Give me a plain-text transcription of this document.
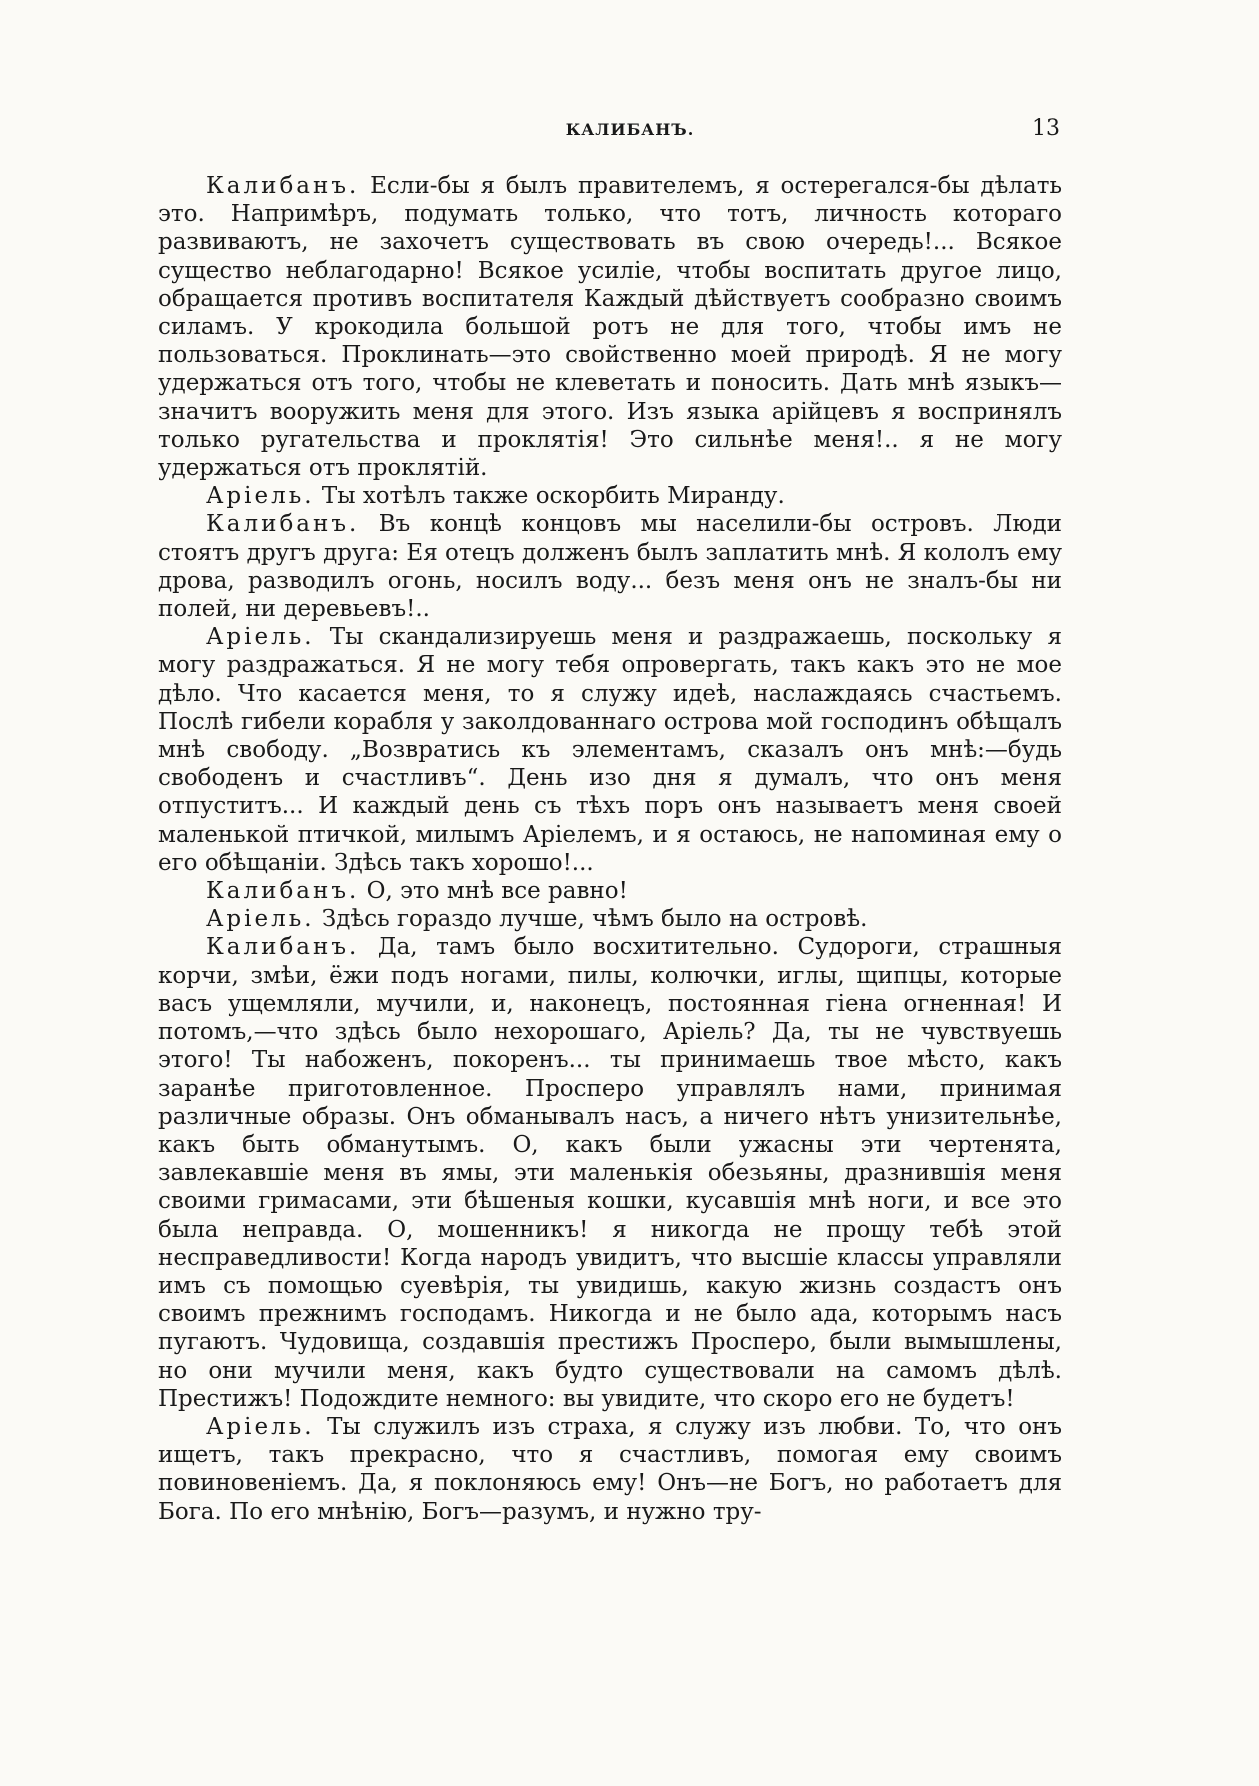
КАЛИБАНЪ.	13

Калибанъ. Если-бы я былъ правителемъ, я остерегался-бы дѣлать это. Напримѣръ, подумать только, что тотъ, личность котораго развиваютъ, не захочетъ существовать въ свою очередь!... Всякое существо неблагодарно! Всякое усиліе, чтобы воспитать другое лицо, обращается противъ воспитателя Каждый дѣйствуетъ сообразно своимъ силамъ. У крокодила большой ротъ не для того, чтобы имъ не пользоваться. Проклинать—это свойственно моей природѣ. Я не могу удержаться отъ того, чтобы не клеветать и поносить. Дать мнѣ языкъ—значитъ вооружить меня для этого. Изъ языка арійцевъ я воспринялъ только ругательства и проклятія! Это сильнѣе меня!.. я не могу удержаться отъ проклятій.

Аріель. Ты хотѣлъ также оскорбить Миранду.

Калибанъ. Въ концѣ концовъ мы населили-бы островъ. Люди стоятъ другъ друга: Ея отецъ долженъ былъ заплатить мнѣ. Я кололъ ему дрова, разводилъ огонь, носилъ воду... безъ меня онъ не зналъ-бы ни полей, ни деревьевъ!..

Аріель. Ты скандализируешь меня и раздражаешь, поскольку я могу раздражаться. Я не могу тебя опровергать, такъ какъ это не мое дѣло. Что касается меня, то я служу идеѣ, наслаждаясь счастьемъ. Послѣ гибели корабля у заколдованнаго острова мой господинъ обѣщалъ мнѣ свободу. „Возвратись къ элементамъ, сказалъ онъ мнѣ:—будь свободенъ и счастливъ“. День изо дня я думалъ, что онъ меня отпуститъ... И каждый день съ тѣхъ поръ онъ называетъ меня своей маленькой птичкой, милымъ Аріелемъ, и я остаюсь, не напоминая ему о его обѣщаніи. Здѣсь такъ хорошо!...

Калибанъ. О, это мнѣ все равно!

Аріель. Здѣсь гораздо лучше, чѣмъ было на островѣ.

Калибанъ. Да, тамъ было восхитительно. Судороги, страшныя корчи, змѣи, ёжи подъ ногами, пилы, колючки, иглы, щипцы, которые васъ ущемляли, мучили, и, наконецъ, постоянная гіена огненная! И потомъ,—что здѣсь было нехорошаго, Аріель? Да, ты не чувствуешь этого! Ты набоженъ, покоренъ... ты принимаешь твое мѣсто, какъ заранѣе приготовленное. Просперо управлялъ нами, принимая различные образы. Онъ обманывалъ насъ, а ничего нѣтъ унизительнѣе, какъ быть обманутымъ. О, какъ были ужасны эти чертенята, завлекавшіе меня въ ямы, эти маленькія обезьяны, дразнившія меня своими гримасами, эти бѣшеныя кошки, кусавшія мнѣ ноги, и все это была неправда. О, мошенникъ! я никогда не прощу тебѣ этой несправедливости! Когда народъ увидитъ, что высшіе классы управляли имъ съ помощью суевѣрія, ты увидишь, какую жизнь создастъ онъ своимъ прежнимъ господамъ. Никогда и не было ада, которымъ насъ пугаютъ. Чудовища, создавшія престижъ Просперо, были вымышлены, но они мучили меня, какъ будто существовали на самомъ дѣлѣ. Престижъ! Подождите немного: вы увидите, что скоро его не будетъ!

Аріель. Ты служилъ изъ страха, я служу изъ любви. То, что онъ ищетъ, такъ прекрасно, что я счастливъ, помогая ему своимъ повиновеніемъ. Да, я поклоняюсь ему! Онъ—не Богъ, но работаетъ для Бога. По его мнѣнію, Богъ—разумъ, и нужно тру-
